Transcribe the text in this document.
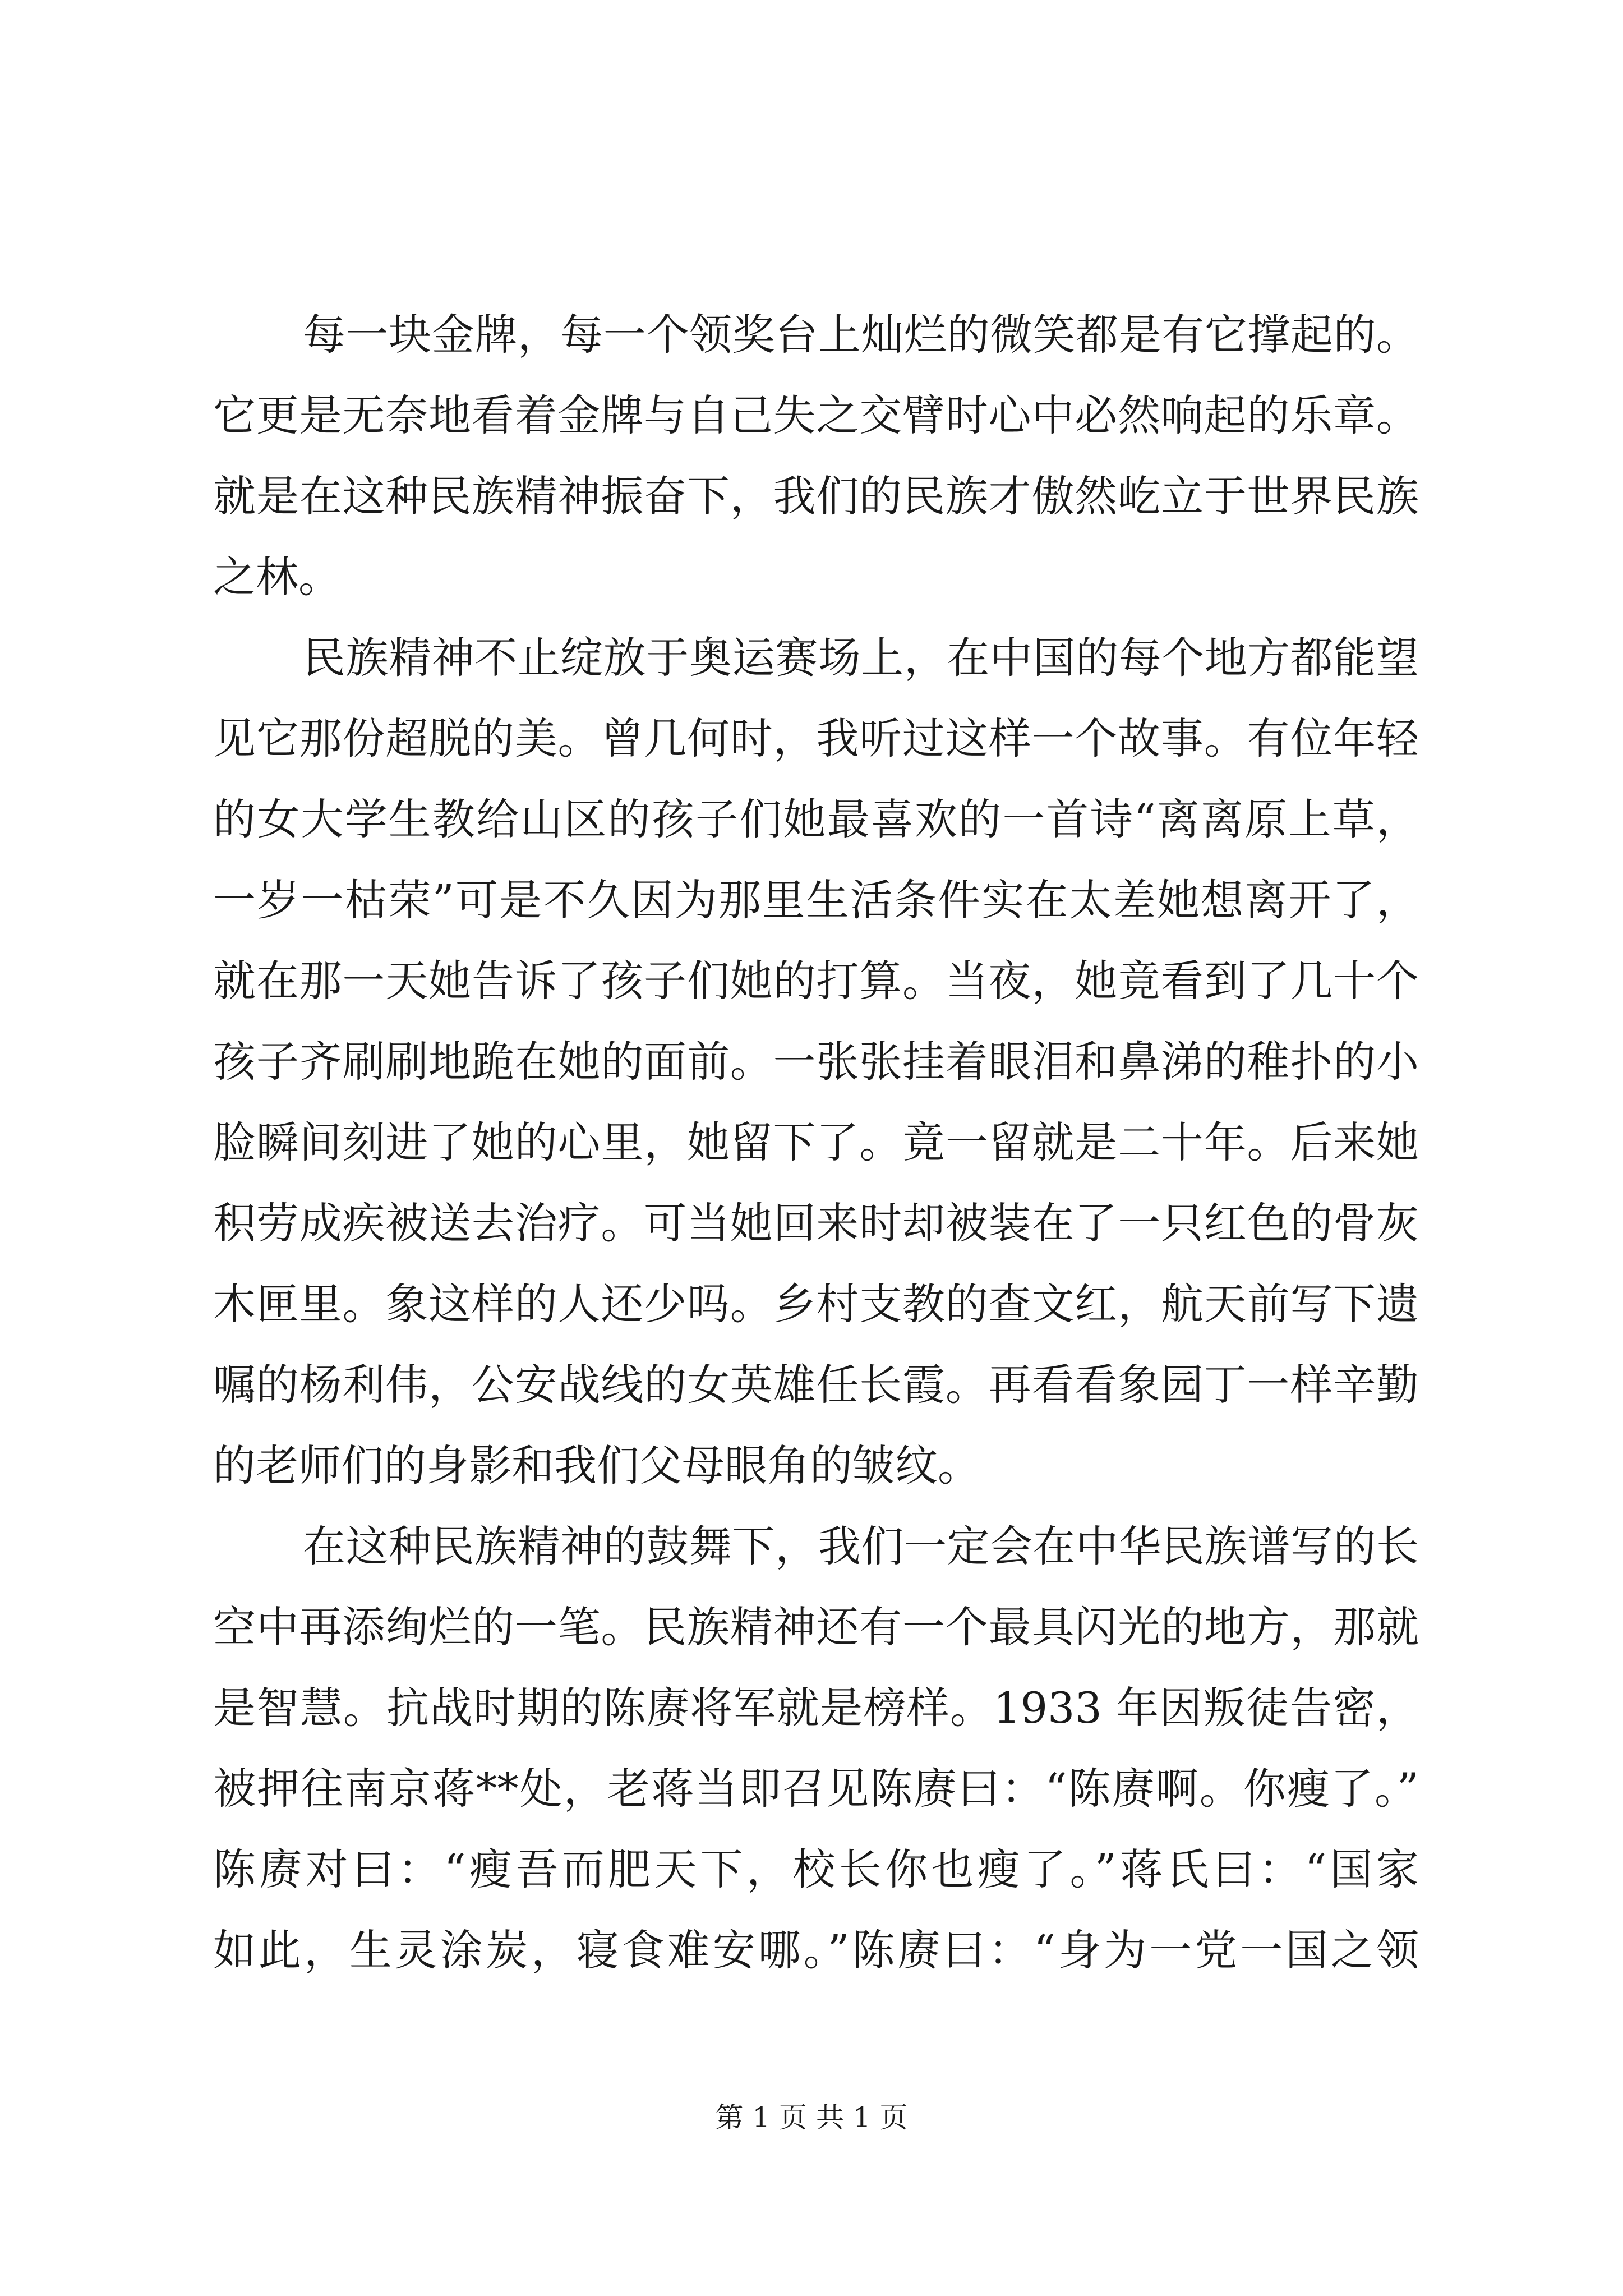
每一块金牌，每一个领奖台上灿烂的微笑都是有它撑起的。
它更是无奈地看着金牌与自己失之交臂时心中必然响起的乐章。
就是在这种民族精神振奋下，我们的民族才傲然屹立于世界民族
之林。
民族精神不止绽放于奥运赛场上，在中国的每个地方都能望
见它那份超脱的美。曾几何时，我听过这样一个故事。有位年轻
的女大学生教给山区的孩子们她最喜欢的一首诗“离离原上草，
一岁一枯荣”可是不久因为那里生活条件实在太差她想离开了，
就在那一天她告诉了孩子们她的打算。当夜，她竟看到了几十个
孩子齐刷刷地跪在她的面前。一张张挂着眼泪和鼻涕的稚扑的小
脸瞬间刻进了她的心里，她留下了。竟一留就是二十年。后来她
积劳成疾被送去治疗。可当她回来时却被装在了一只红色的骨灰
木匣里。象这样的人还少吗。乡村支教的查文红，航天前写下遗
嘱的杨利伟，公安战线的女英雄任长霞。再看看象园丁一样辛勤
的老师们的身影和我们父母眼角的皱纹。
在这种民族精神的鼓舞下，我们一定会在中华民族谱写的长
空中再添绚烂的一笔。民族精神还有一个最具闪光的地方，那就
是智慧。抗战时期的陈赓将军就是榜样。1933 年因叛徒告密，
被押往南京蒋**处，老蒋当即召见陈赓曰：“陈赓啊。你瘦了。”
陈赓对曰：“瘦吾而肥天下，校长你也瘦了。”蒋氏曰：“国家
如此，生灵涂炭，寝食难安哪。”陈赓曰：“身为一党一国之领
第 1 页 共 1 页
